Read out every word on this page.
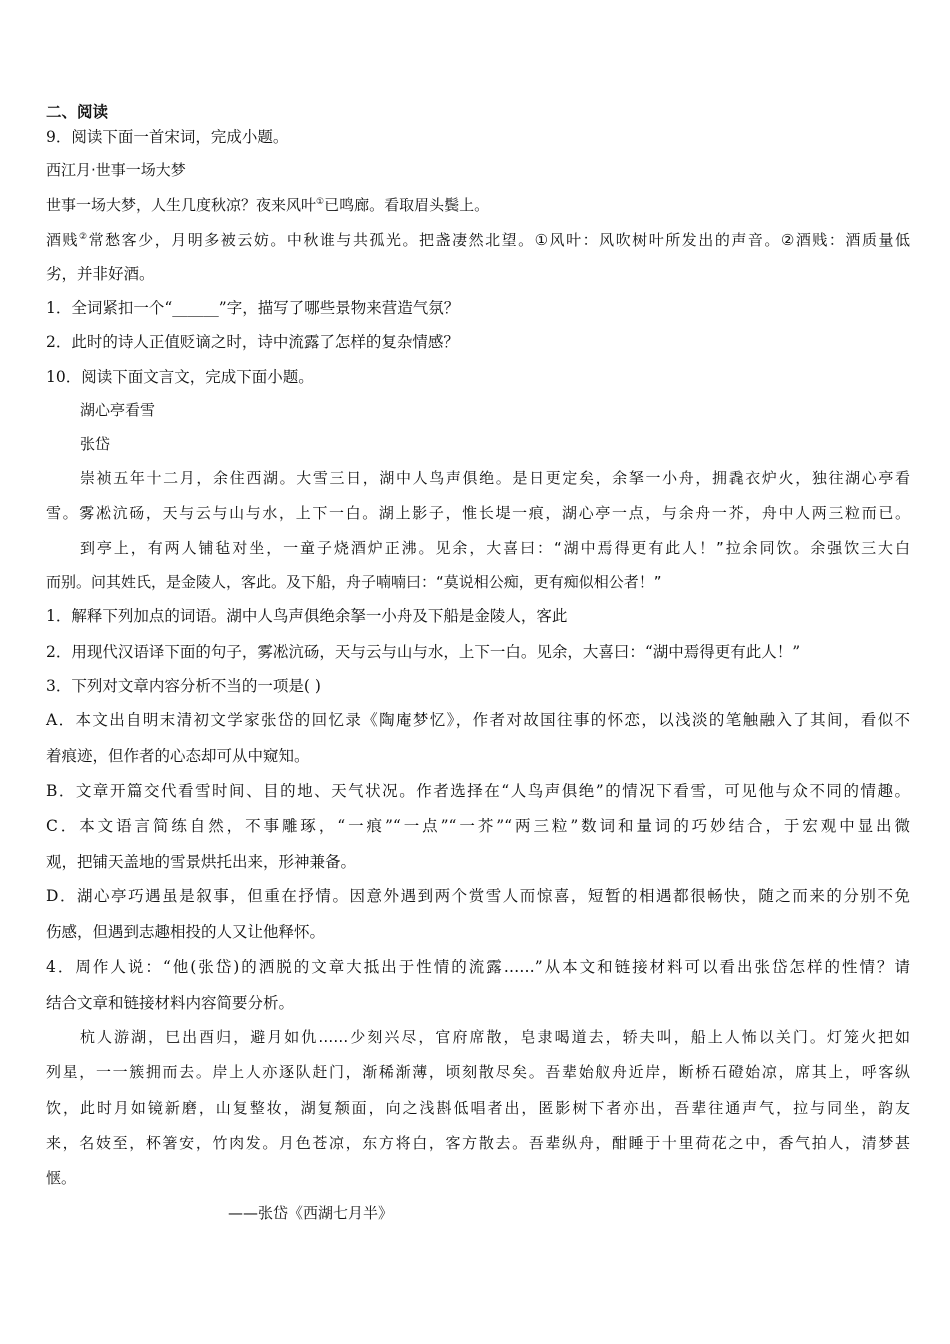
二、阅读
9．阅读下面一首宋词，完成小题。
西江月·世事一场大梦
世事一场大梦，人生几度秋凉？夜来风叶①已鸣廊。看取眉头鬓上。
酒贱②常愁客少，月明多被云妨。中秋谁与共孤光。把盏凄然北望。①风叶：风吹树叶所发出的声音。②酒贱：酒质量低
劣，并非好酒。
1．全词紧扣一个“______”字，描写了哪些景物来营造气氛？
2．此时的诗人正值贬谪之时，诗中流露了怎样的复杂情感？
10．阅读下面文言文，完成下面小题。
湖心亭看雪
张岱
崇祯五年十二月，余住西湖。大雪三日，湖中人鸟声俱绝。是日更定矣，余拏一小舟，拥毳衣炉火，独往湖心亭看
雪。雾凇沆砀，天与云与山与水，上下一白。湖上影子，惟长堤一痕，湖心亭一点，与余舟一芥，舟中人两三粒而已。
到亭上，有两人铺毡对坐，一童子烧酒炉正沸。见余，大喜曰：“湖中焉得更有此人！”拉余同饮。余强饮三大白
而别。问其姓氏，是金陵人，客此。及下船，舟子喃喃曰：“莫说相公痴，更有痴似相公者！”
1．解释下列加点的词语。湖中人鸟声俱绝余拏一小舟及下船是金陵人，客此
2．用现代汉语译下面的句子，雾凇沆砀，天与云与山与水，上下一白。见余，大喜曰：“湖中焉得更有此人！”
3．下列对文章内容分析不当的一项是( )
A．本文出自明末清初文学家张岱的回忆录《陶庵梦忆》，作者对故国往事的怀恋，以浅淡的笔触融入了其间，看似不
着痕迹，但作者的心态却可从中窥知。
B．文章开篇交代看雪时间、目的地、天气状况。作者选择在“人鸟声俱绝”的情况下看雪，可见他与众不同的情趣。
C．本文语言简练自然，不事雕琢，“一痕”“一点”“一芥”“两三粒”数词和量词的巧妙结合，于宏观中显出微
观，把铺天盖地的雪景烘托出来，形神兼备。
D．湖心亭巧遇虽是叙事，但重在抒情。因意外遇到两个赏雪人而惊喜，短暂的相遇都很畅快，随之而来的分别不免
伤感，但遇到志趣相投的人又让他释怀。
4．周作人说：“他(张岱)的洒脱的文章大抵出于性情的流露……”从本文和链接材料可以看出张岱怎样的性情？请
结合文章和链接材料内容简要分析。
杭人游湖，巳出酉归，避月如仇……少刻兴尽，官府席散，皂隶喝道去，轿夫叫，船上人怖以关门。灯笼火把如
列星，一一簇拥而去。岸上人亦逐队赶门，渐稀渐薄，顷刻散尽矣。吾辈始舣舟近岸，断桥石磴始凉，席其上，呼客纵
饮，此时月如镜新磨，山复整妆，湖复颒面，向之浅斟低唱者出，匿影树下者亦出，吾辈往通声气，拉与同坐，韵友
来，名妓至，杯箸安，竹肉发。月色苍凉，东方将白，客方散去。吾辈纵舟，酣睡于十里荷花之中，香气拍人，清梦甚
惬。
——张岱《西湖七月半》
